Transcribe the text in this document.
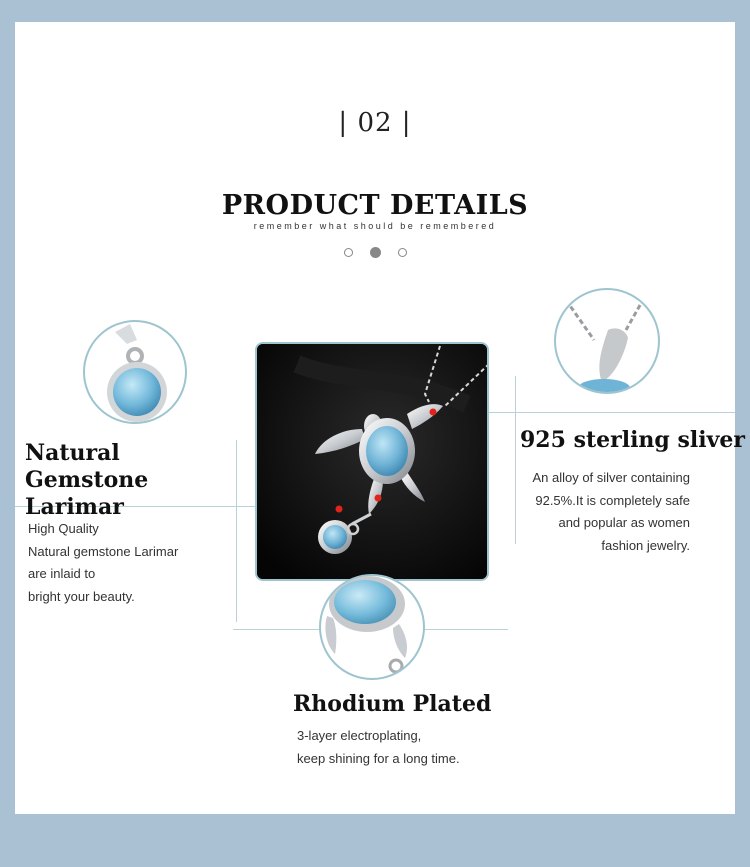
| 02 |
PRODUCT DETAILS
remember what should be remembered
Natural Gemstone
Larimar
High Quality
Natural gemstone Larimar
are inlaid to
bright your beauty.
925 sterling sliver
An alloy of silver containing
92.5%.It is completely safe
and popular as women
fashion jewelry.
Rhodium Plated
3-layer electroplating,
keep shining for a long time.
